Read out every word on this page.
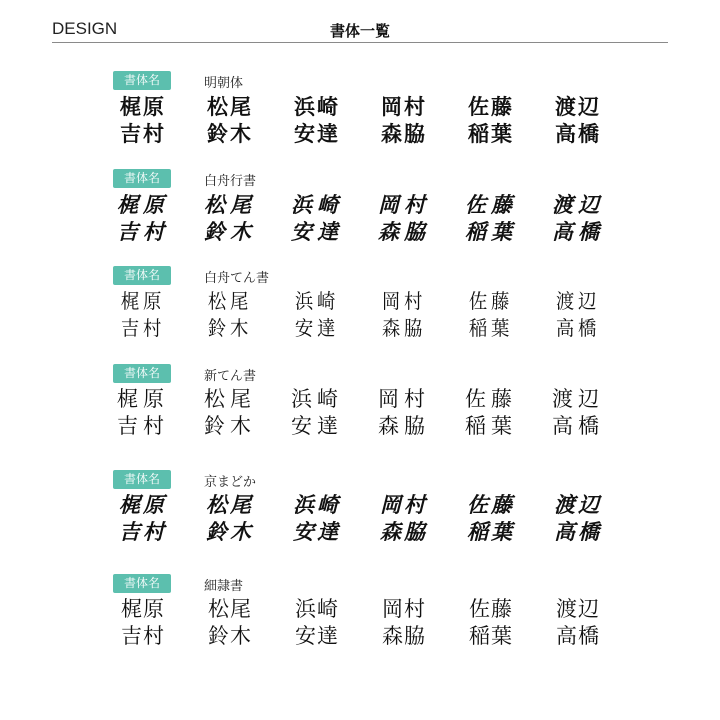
DESIGN	書体一覧
書体名	明朝体
梶原	松尾	浜崎	岡村	佐藤	渡辺
吉村	鈴木	安達	森脇	稲葉	高橋
書体名	白舟行書
梶原	松尾	浜崎	岡村	佐藤	渡辺
吉村	鈴木	安達	森脇	稲葉	高橋
書体名	白舟てん書
梶原	松尾	浜崎	岡村	佐藤	渡辺
吉村	鈴木	安達	森脇	稲葉	高橋
書体名	新てん書
梶原	松尾	浜崎	岡村	佐藤	渡辺
吉村	鈴木	安達	森脇	稲葉	高橋
書体名	京まどか
梶原	松尾	浜崎	岡村	佐藤	渡辺
吉村	鈴木	安達	森脇	稲葉	高橋
書体名	細隷書
梶原	松尾	浜崎	岡村	佐藤	渡辺
吉村	鈴木	安達	森脇	稲葉	高橋
